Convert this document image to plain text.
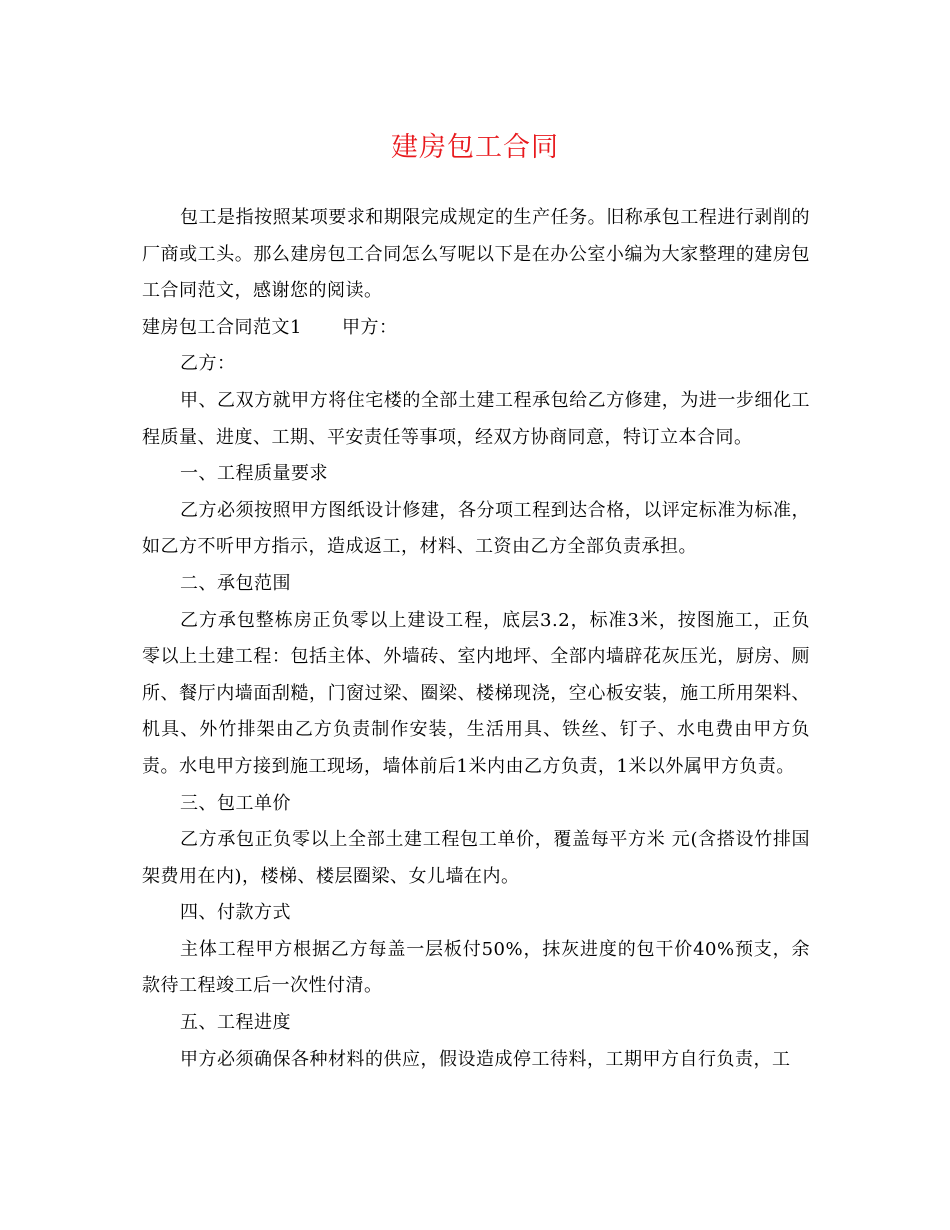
建房包工合同

包工是指按照某项要求和期限完成规定的生产任务。旧称承包工程进行剥削的厂商或工头。那么建房包工合同怎么写呢以下是在办公室小编为大家整理的建房包工合同范文，感谢您的阅读。

建房包工合同范文1 甲方：

乙方：

甲、乙双方就甲方将住宅楼的全部土建工程承包给乙方修建，为进一步细化工程质量、进度、工期、平安责任等事项，经双方协商同意，特订立本合同。

一、工程质量要求

乙方必须按照甲方图纸设计修建，各分项工程到达合格，以评定标准为标准，如乙方不听甲方指示，造成返工，材料、工资由乙方全部负责承担。

二、承包范围

乙方承包整栋房正负零以上建设工程，底层3.2，标准3米，按图施工，正负零以上土建工程：包括主体、外墙砖、室内地坪、全部内墙辟花灰压光，厨房、厕所、餐厅内墙面刮糙，门窗过梁、圈梁、楼梯现浇，空心板安装，施工所用架料、机具、外竹排架由乙方负责制作安装，生活用具、铁丝、钉子、水电费由甲方负责。水电甲方接到施工现场，墙体前后1米内由乙方负责，1米以外属甲方负责。

三、包工单价

乙方承包正负零以上全部土建工程包工单价，覆盖每平方米 元(含搭设竹排国架费用在内)，楼梯、楼层圈梁、女儿墙在内。

四、付款方式

主体工程甲方根据乙方每盖一层板付50%，抹灰进度的包干价40%预支，余款待工程竣工后一次性付清。

五、工程进度

甲方必须确保各种材料的供应，假设造成停工待料，工期甲方自行负责，工
